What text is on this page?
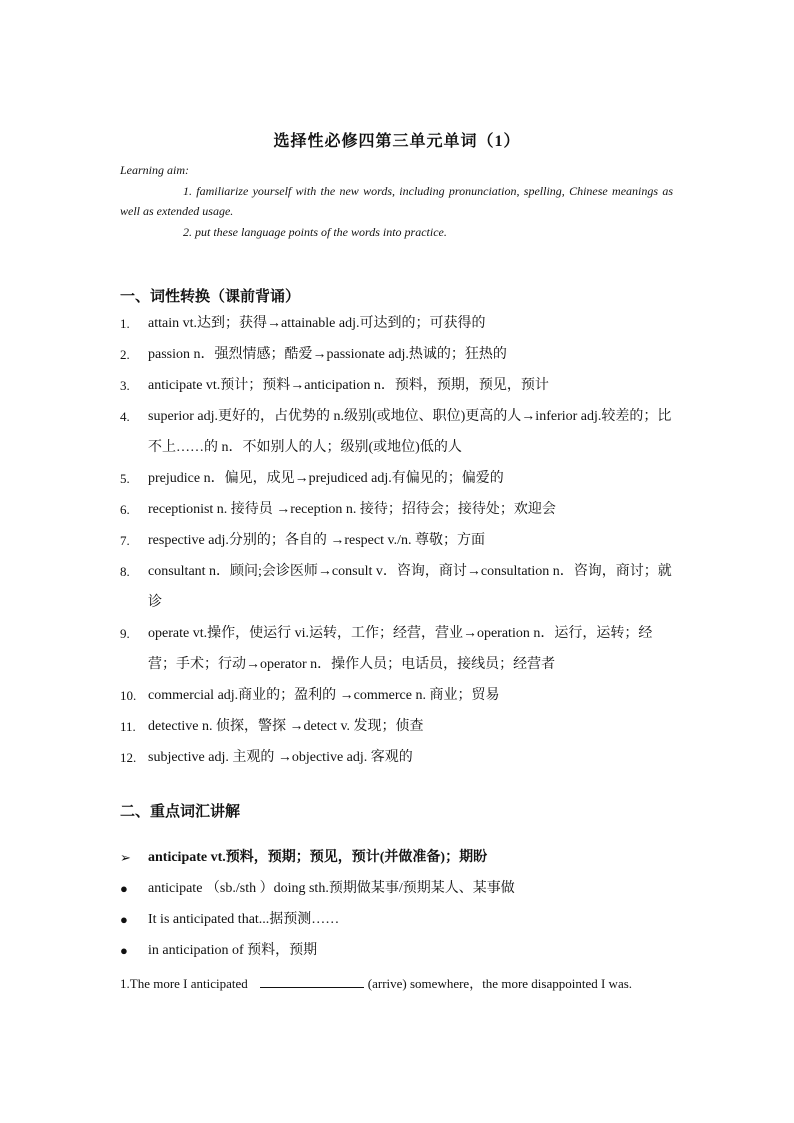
选择性必修四第三单元单词（1）
Learning aim:
1. familiarize yourself with the new words, including pronunciation, spelling, Chinese meanings as well as extended usage.
2. put these language points of the words into practice.
一、词性转换（课前背诵）
1. attain vt.达到；获得→attainable adj.可达到的；可获得的
2. passion n．强烈情感；酷爱→passionate adj.热诚的；狂热的
3. anticipate vt.预计；预料→anticipation n．预料，预期，预见，预计
4. superior adj.更好的，占优势的 n.级别(或地位、职位)更高的人→inferior adj.较差的；比不上……的 n．不如别人的人；级别(或地位)低的人
5. prejudice n．偏见，成见→prejudiced adj.有偏见的；偏爱的
6. receptionist n. 接待员 →reception n. 接待；招待会；接待处；欢迎会
7. respective adj.分别的；各自的 →respect v./n. 尊敬；方面
8. consultant n．顾问;会诊医师→consult v．咨询，商讨→consultation n．咨询，商讨；就诊
9. operate vt.操作，使运行 vi.运转，工作；经营，营业→operation n．运行，运转；经营；手术；行动→operator n．操作人员；电话员，接线员；经营者
10. commercial adj.商业的；盈利的 →commerce n. 商业；贸易
11. detective n. 侦探，警探 →detect v. 发现；侦查
12. subjective adj. 主观的 →objective adj. 客观的
二、重点词汇讲解
➢ anticipate vt.预料，预期；预见，预计(并做准备)；期盼
● anticipate （sb./sth ）doing sth.预期做某事/预期某人、某事做
● It is anticipated that...据预测……
● in anticipation of 预料，预期
1.The more I anticipated	(arrive) somewhere，the more disappointed I was.
